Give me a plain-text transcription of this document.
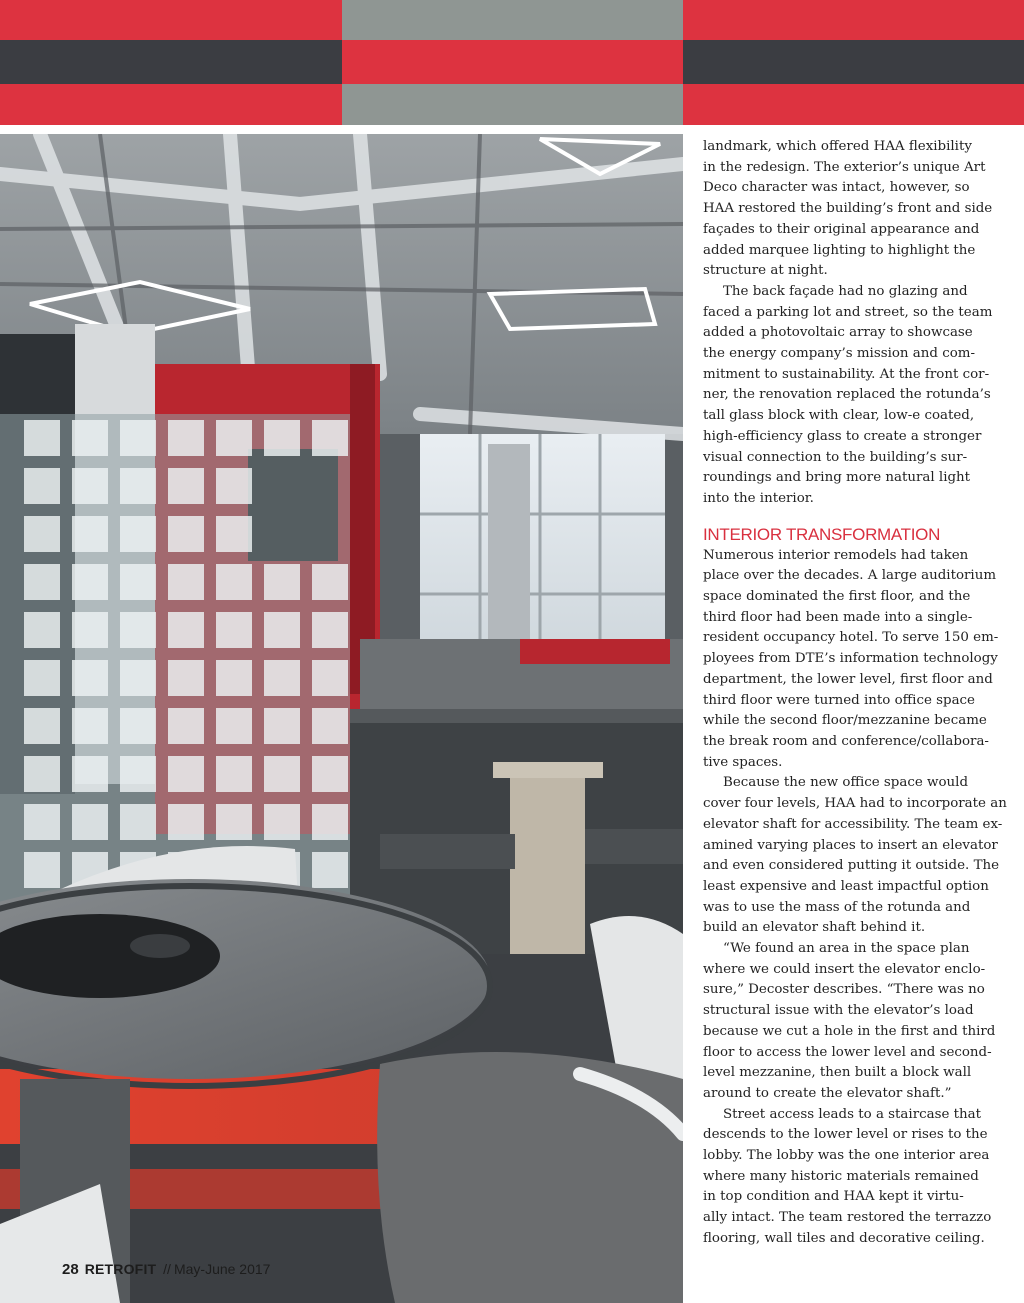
28 RETROFIT // May-June 2017

landmark, which offered HAA flexibility
in the redesign. The exterior’s unique Art
Deco character was intact, however, so
HAA restored the building’s front and side
façades to their original appearance and
added marquee lighting to highlight the
structure at night.

The back façade had no glazing and
faced a parking lot and street, so the team
added a photovoltaic array to showcase
the energy company’s mission and com-
mitment to sustainability. At the front cor-
ner, the renovation replaced the rotunda’s
tall glass block with clear, low-e coated,
high-efficiency glass to create a stronger
visual connection to the building’s sur-
roundings and bring more natural light
into the interior.

INTERIOR TRANSFORMATION

Numerous interior remodels had taken
place over the decades. A large auditorium
space dominated the first floor, and the
third floor had been made into a single-
resident occupancy hotel. To serve 150 em-
ployees from DTE’s information technology
department, the lower level, first floor and
third floor were turned into office space
while the second floor/mezzanine became
the break room and conference/collabora-
tive spaces.

Because the new office space would
cover four levels, HAA had to incorporate an
elevator shaft for accessibility. The team ex-
amined varying places to insert an elevator
and even considered putting it outside. The
least expensive and least impactful option
was to use the mass of the rotunda and
build an elevator shaft behind it.

“We found an area in the space plan
where we could insert the elevator enclo-
sure,” Decoster describes. “There was no
structural issue with the elevator’s load
because we cut a hole in the first and third
floor to access the lower level and second-
level mezzanine, then built a block wall
around to create the elevator shaft.”

Street access leads to a staircase that
descends to the lower level or rises to the
lobby. The lobby was the one interior area
where many historic materials remained
in top condition and HAA kept it virtu-
ally intact. The team restored the terrazzo
flooring, wall tiles and decorative ceiling.
